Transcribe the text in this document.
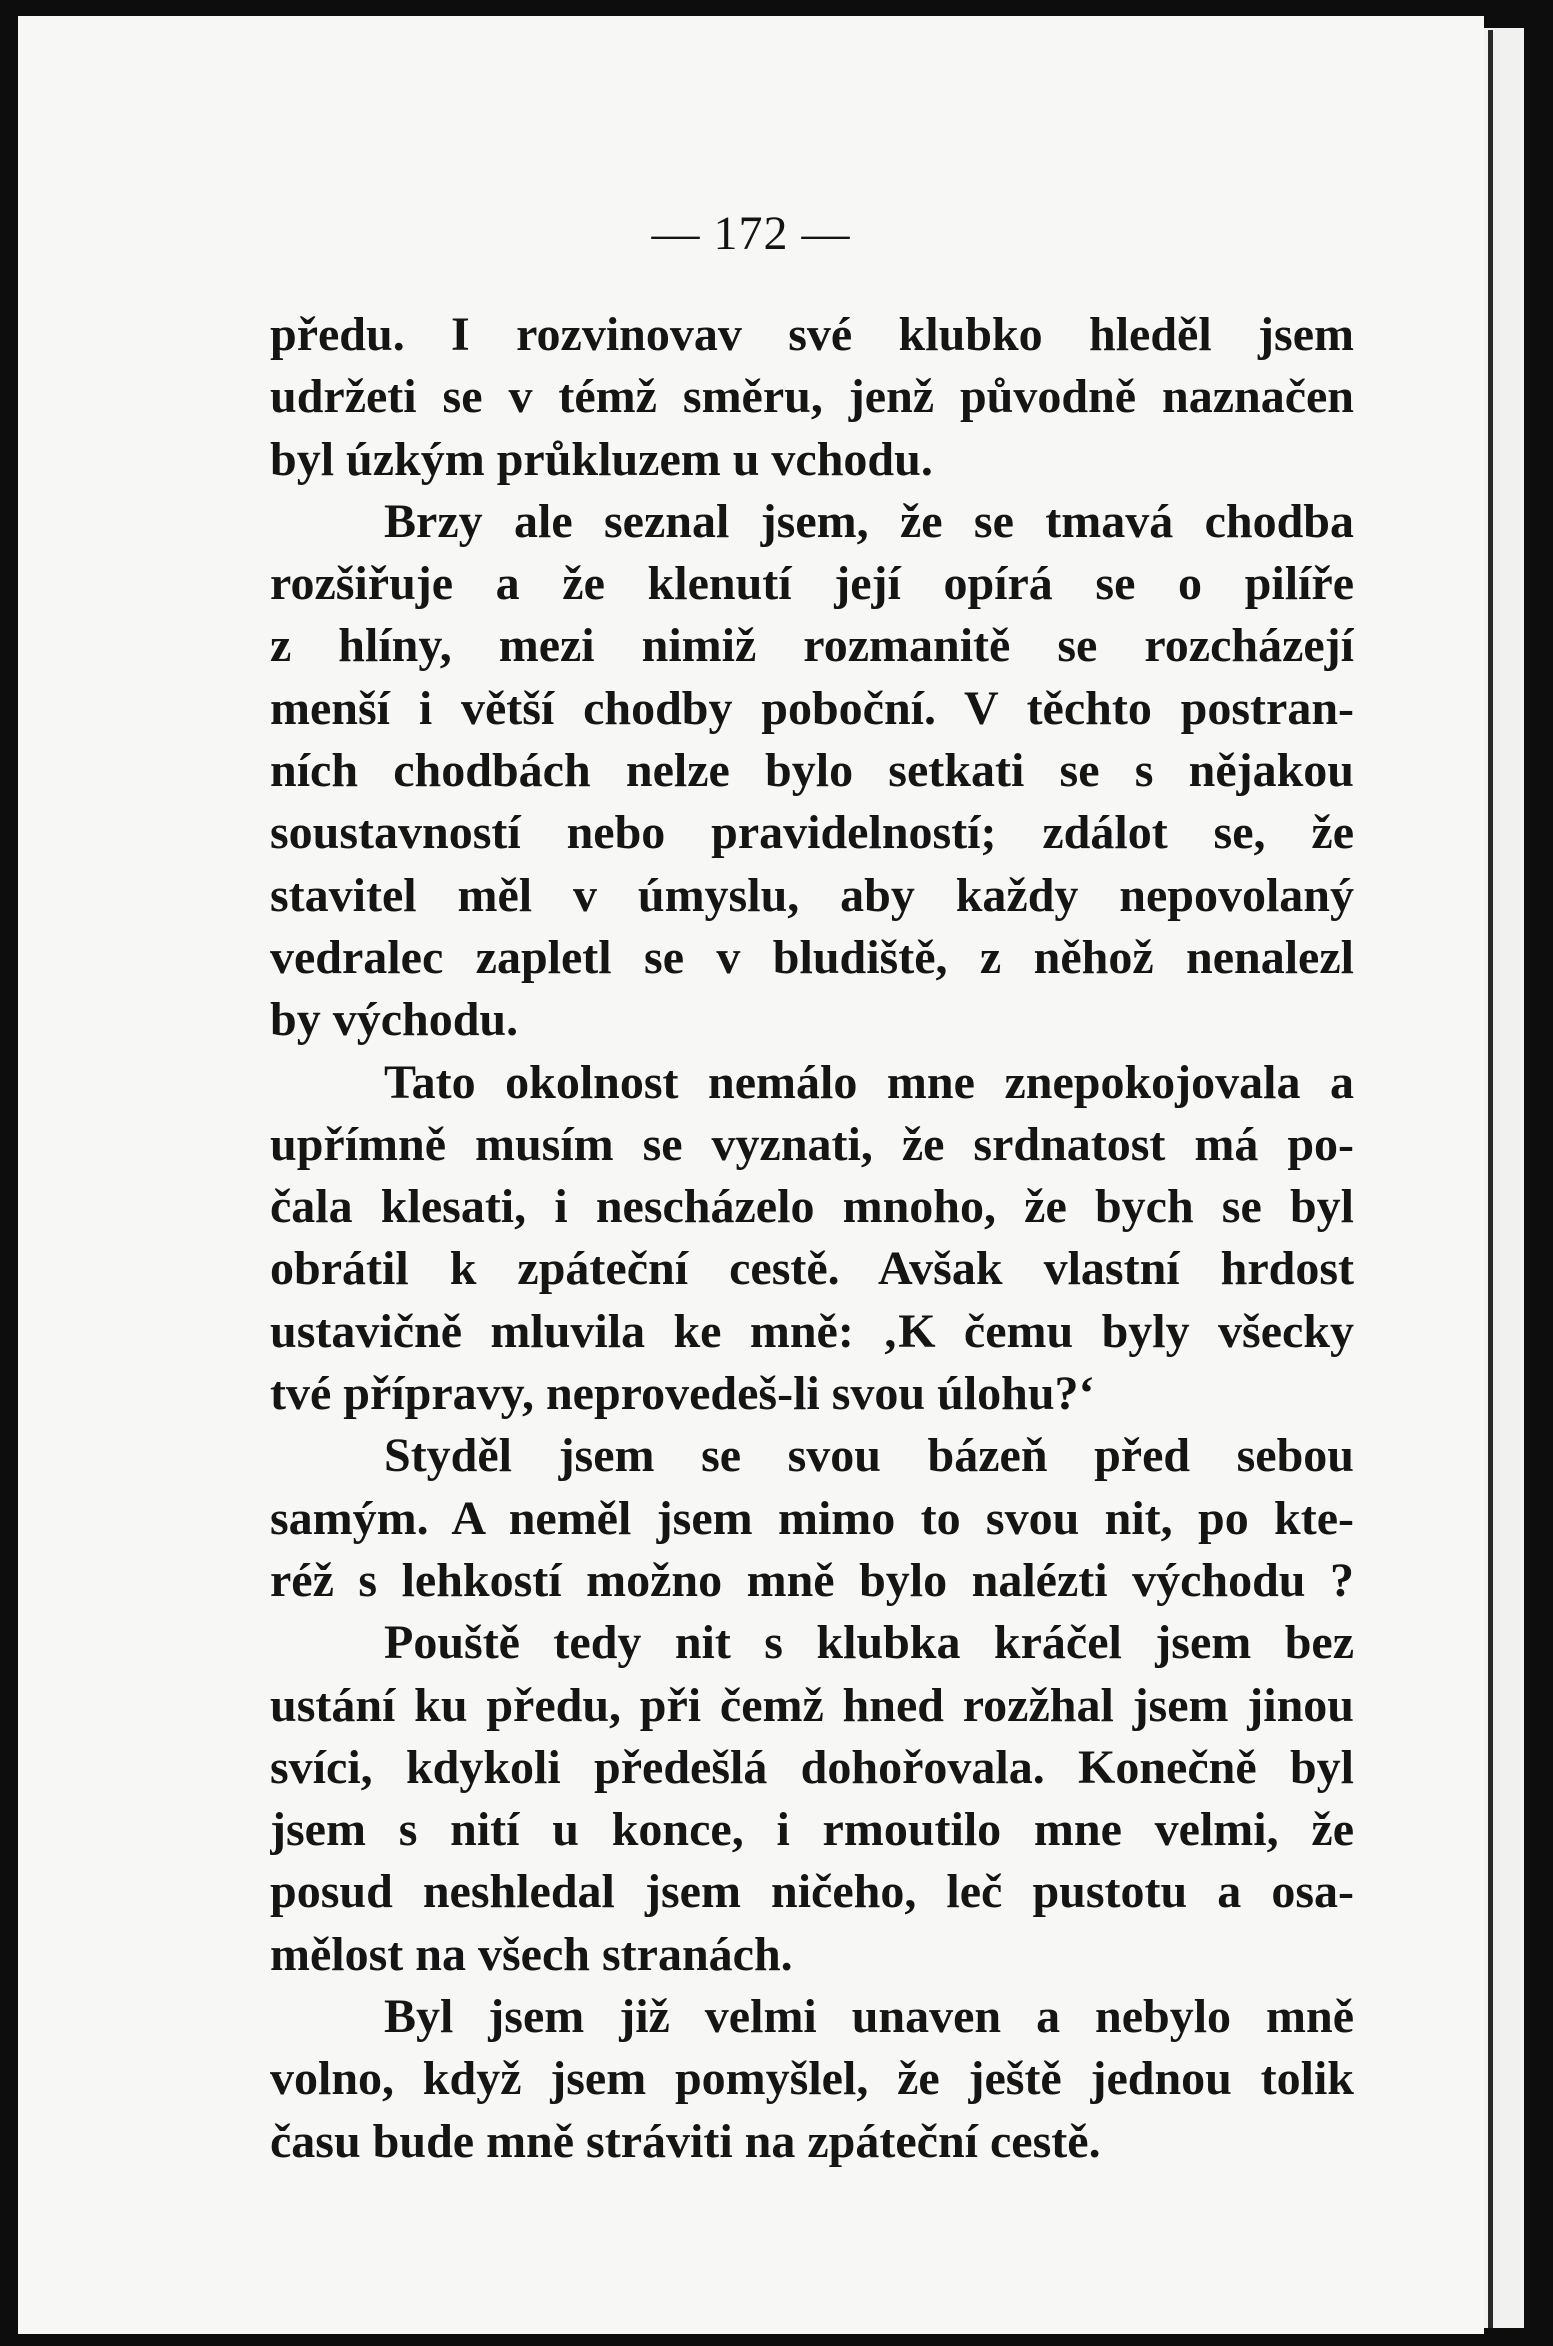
— 172 —
předu. I rozvinovav své klubko hleděl jsem
udržeti se v témž směru, jenž původně naznačen
byl úzkým průkluzem u vchodu.
Brzy ale seznal jsem, že se tmavá chodba
rozšiřuje a že klenutí její opírá se o pilíře
z hlíny, mezi nimiž rozmanitě se rozcházejí
menší i větší chodby poboční. V těchto postran-
ních chodbách nelze bylo setkati se s nějakou
soustavností nebo pravidelností; zdálot se, že
stavitel měl v úmyslu, aby každy nepovolaný
vedralec zapletl se v bludiště, z něhož nenalezl
by východu.
Tato okolnost nemálo mne znepokojovala a
upřímně musím se vyznati, že srdnatost má po-
čala klesati, i nescházelo mnoho, že bych se byl
obrátil k zpáteční cestě. Avšak vlastní hrdost
ustavičně mluvila ke mně: ‚K čemu byly všecky
tvé přípravy, neprovedeš-li svou úlohu?‘
Styděl jsem se svou bázeň před sebou
samým. A neměl jsem mimo to svou nit, po kte-
réž s lehkostí možno mně bylo nalézti východu ?
Pouště tedy nit s klubka kráčel jsem bez
ustání ku předu, při čemž hned rozžhal jsem jinou
svíci, kdykoli předešlá dohořovala. Konečně byl
jsem s nití u konce, i rmoutilo mne velmi, že
posud neshledal jsem ničeho, leč pustotu a osa-
mělost na všech stranách.
Byl jsem již velmi unaven a nebylo mně
volno, když jsem pomyšlel, že ještě jednou tolik
času bude mně stráviti na zpáteční cestě.
